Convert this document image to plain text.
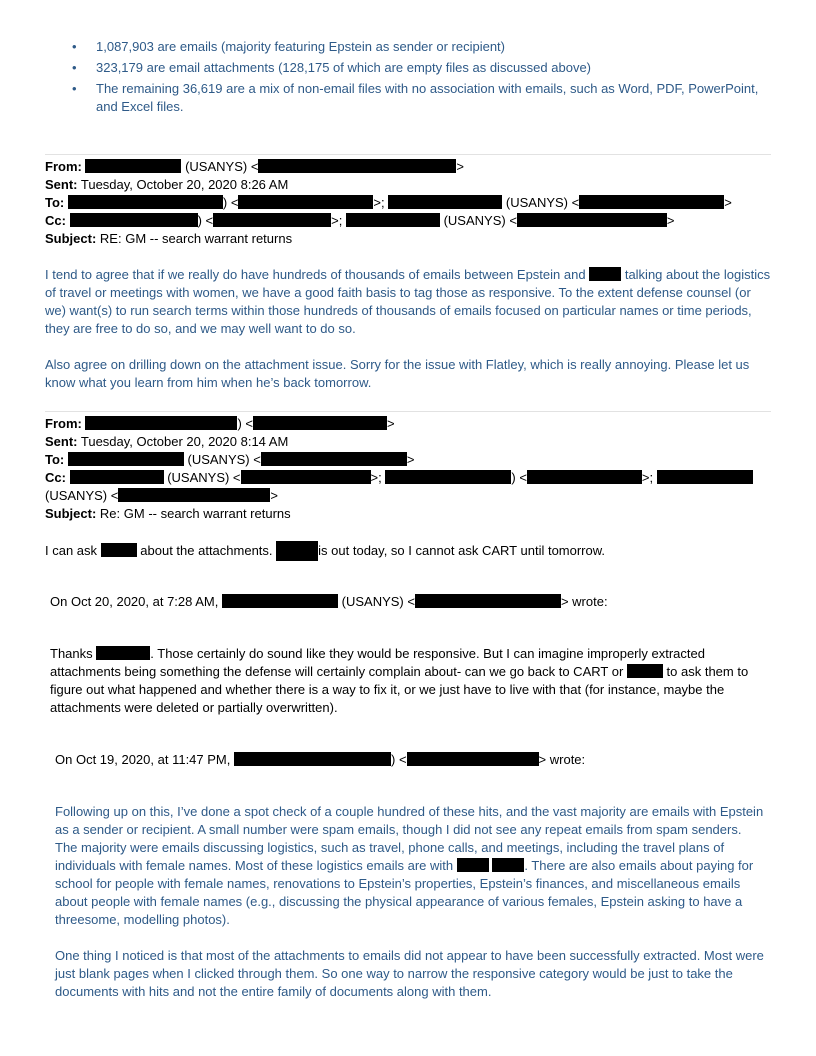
• 1,087,903 are emails (majority featuring Epstein as sender or recipient)
• 323,179 are email attachments (128,175 of which are empty files as discussed above)
• The remaining 36,619 are a mix of non-email files with no association with emails, such as Word, PDF, PowerPoint, and Excel files.
From:	(USANYS) <	>
Sent: Tuesday, October 20, 2020 8:26 AM
To:	) <	>;	(USANYS) <	>
Cc:	) <	>;	(USANYS) <	>
Subject: RE: GM -- search warrant returns

I tend to agree that if we really do have hundreds of thousands of emails between Epstein and	talking about the logistics of travel or meetings with women, we have a good faith basis to tag those as responsive. To the extent defense counsel (or we) want(s) to run search terms within those hundreds of thousands of emails focused on particular names or time periods, they are free to do so, and we may well want to do so.

Also agree on drilling down on the attachment issue. Sorry for the issue with Flatley, which is really annoying. Please let us know what you learn from him when he’s back tomorrow.

From:	) <	>
Sent: Tuesday, October 20, 2020 8:14 AM
To:	(USANYS) <	>
Cc:	(USANYS) <	>;	) <	>;
(USANYS) <	>
Subject: Re: GM -- search warrant returns

I can ask	about the attachments.	is out today, so I cannot ask CART until tomorrow.

On Oct 20, 2020, at 7:28 AM,	(USANYS) <	> wrote:

Thanks	. Those certainly do sound like they would be responsive. But I can imagine improperly extracted attachments being something the defense will certainly complain about- can we go back to CART or	to ask them to figure out what happened and whether there is a way to fix it, or we just have to live with that (for instance, maybe the attachments were deleted or partially overwritten).

On Oct 19, 2020, at 11:47 PM,	) <	> wrote:

Following up on this, I’ve done a spot check of a couple hundred of these hits, and the vast majority are emails with Epstein as a sender or recipient. A small number were spam emails, though I did not see any repeat emails from spam senders. The majority were emails discussing logistics, such as travel, phone calls, and meetings, including the travel plans of individuals with female names. Most of these logistics emails are with	. There are also emails about paying for school for people with female names, renovations to Epstein’s properties, Epstein’s finances, and miscellaneous emails about people with female names (e.g., discussing the physical appearance of various females, Epstein asking to have a threesome, modelling photos).

One thing I noticed is that most of the attachments to emails did not appear to have been successfully extracted. Most were just blank pages when I clicked through them. So one way to narrow the responsive category would be just to take the documents with hits and not the entire family of documents along with them.
